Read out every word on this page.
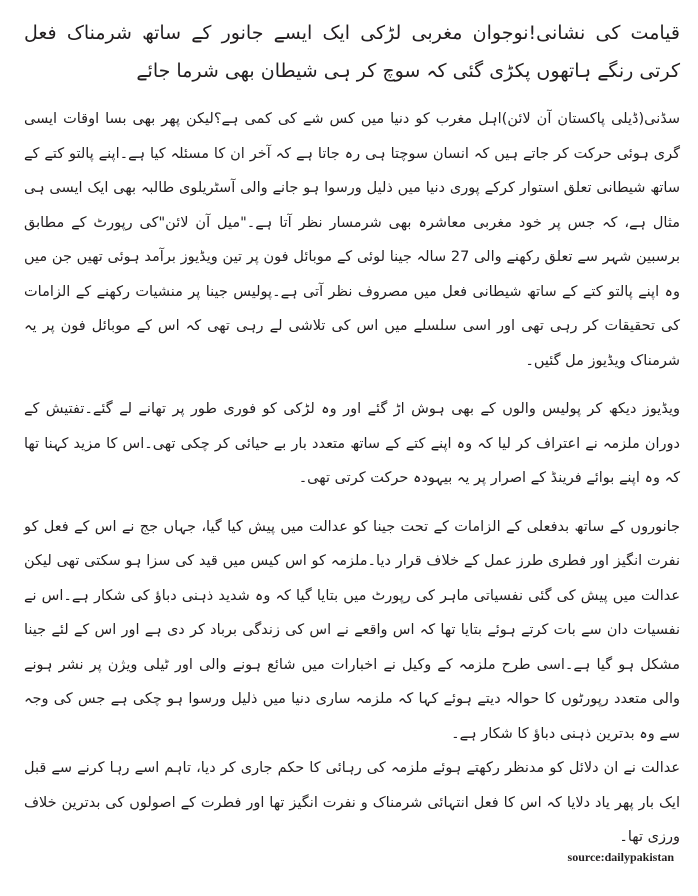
قیامت کی نشانی!نوجوان مغربی لڑکی ایک ایسے جانور کے ساتھ شرمناک فعل کرتی رنگے ہاتھوں پکڑی گئی کہ سوچ کر ہی شیطان بھی شرما جائے

سڈنی(ڈیلی پاکستان آن لائن)اہل مغرب کو دنیا میں کس شے کی کمی ہے؟لیکن پھر بھی بسا اوقات ایسی گری ہوئی حرکت کر جاتے ہیں کہ انسان سوچتا ہی رہ جاتا ہے کہ آخر ان کا مسئلہ کیا ہے۔اپنے پالتو کتے کے ساتھ شیطانی تعلق استوار کرکے پوری دنیا میں ذلیل ورسوا ہو جانے والی آسٹریلوی طالبہ بھی ایک ایسی ہی مثال ہے، کہ جس پر خود مغربی معاشرہ بھی شرمسار نظر آتا ہے۔"میل آن لائن"کی رپورٹ کے مطابق برسبین شہر سے تعلق رکھنے والی 27 سالہ جینا لوئی کے موبائل فون پر تین ویڈیوز برآمد ہوئی تھیں جن میں وہ اپنے پالتو کتے کے ساتھ شیطانی فعل میں مصروف نظر آتی ہے۔پولیس جینا پر منشیات رکھنے کے الزامات کی تحقیقات کر رہی تھی اور اسی سلسلے میں اس کی تلاشی لے رہی تھی کہ اس کے موبائل فون پر یہ شرمناک ویڈیوز مل گئیں۔

ویڈیوز دیکھ کر پولیس والوں کے بھی ہوش اڑ گئے اور وہ لڑکی کو فوری طور پر تھانے لے گئے۔تفتیش کے دوران ملزمہ نے اعتراف کر لیا کہ وہ اپنے کتے کے ساتھ متعدد بار بے حیائی کر چکی تھی۔اس کا مزید کہنا تھا کہ وہ اپنے بوائے فرینڈ کے اصرار پر یہ بیہودہ حرکت کرتی تھی۔

جانوروں کے ساتھ بدفعلی کے الزامات کے تحت جینا کو عدالت میں پیش کیا گیا، جہاں جج نے اس کے فعل کو نفرت انگیز اور فطری طرز عمل کے خلاف قرار دیا۔ملزمہ کو اس کیس میں قید کی سزا ہو سکتی تھی لیکن عدالت میں پیش کی گئی نفسیاتی ماہر کی رپورٹ میں بتایا گیا کہ وہ شدید ذہنی دباؤ کی شکار ہے۔اس نے نفسیات دان سے بات کرتے ہوئے بتایا تھا کہ اس واقعے نے اس کی زندگی برباد کر دی ہے اور اس کے لئے جینا مشکل ہو گیا ہے۔اسی طرح ملزمہ کے وکیل نے اخبارات میں شائع ہونے والی اور ٹیلی ویژن پر نشر ہونے والی متعدد رپورٹوں کا حوالہ دیتے ہوئے کہا کہ ملزمہ ساری دنیا میں ذلیل ورسوا ہو چکی ہے جس کی وجہ سے وہ بدترین ذہنی دباؤ کا شکار ہے۔

عدالت نے ان دلائل کو مدنظر رکھتے ہوئے ملزمہ کی رہائی کا حکم جاری کر دیا، تاہم اسے رہا کرنے سے قبل ایک بار پھر یاد دلایا کہ اس کا فعل انتہائی شرمناک و نفرت انگیز تھا اور فطرت کے اصولوں کی بدترین خلاف ورزی تھا۔

source:dailypakistan
